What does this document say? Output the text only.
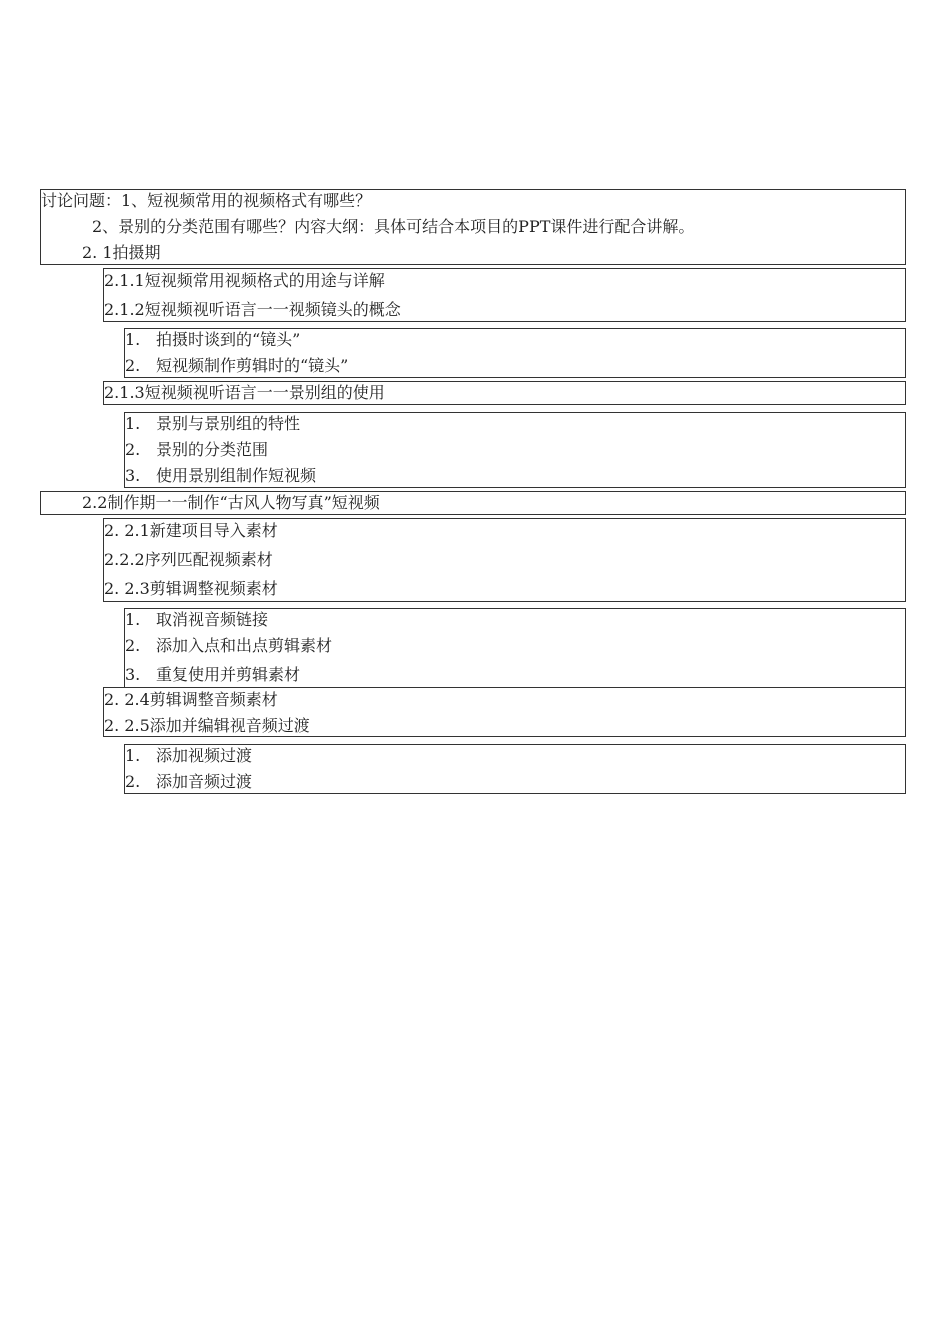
讨论问题：1、短视频常用的视频格式有哪些？
2、景别的分类范围有哪些？内容大纲：具体可结合本项目的PPT课件进行配合讲解。
2. 1拍摄期
2.1.1短视频常用视频格式的用途与详解
2.1.2短视频视听语言一一视频镜头的概念
1. 拍摄时谈到的“镜头”
2. 短视频制作剪辑时的“镜头”
2.1.3短视频视听语言一一景别组的使用
1. 景别与景别组的特性
2. 景别的分类范围
3. 使用景别组制作短视频
2.2制作期一一制作“古风人物写真”短视频
2. 2.1新建项目导入素材
2.2.2序列匹配视频素材
2. 2.3剪辑调整视频素材
1. 取消视音频链接
2. 添加入点和出点剪辑素材
3. 重复使用并剪辑素材
2. 2.4剪辑调整音频素材
2. 2.5添加并编辑视音频过渡
1. 添加视频过渡
2. 添加音频过渡
